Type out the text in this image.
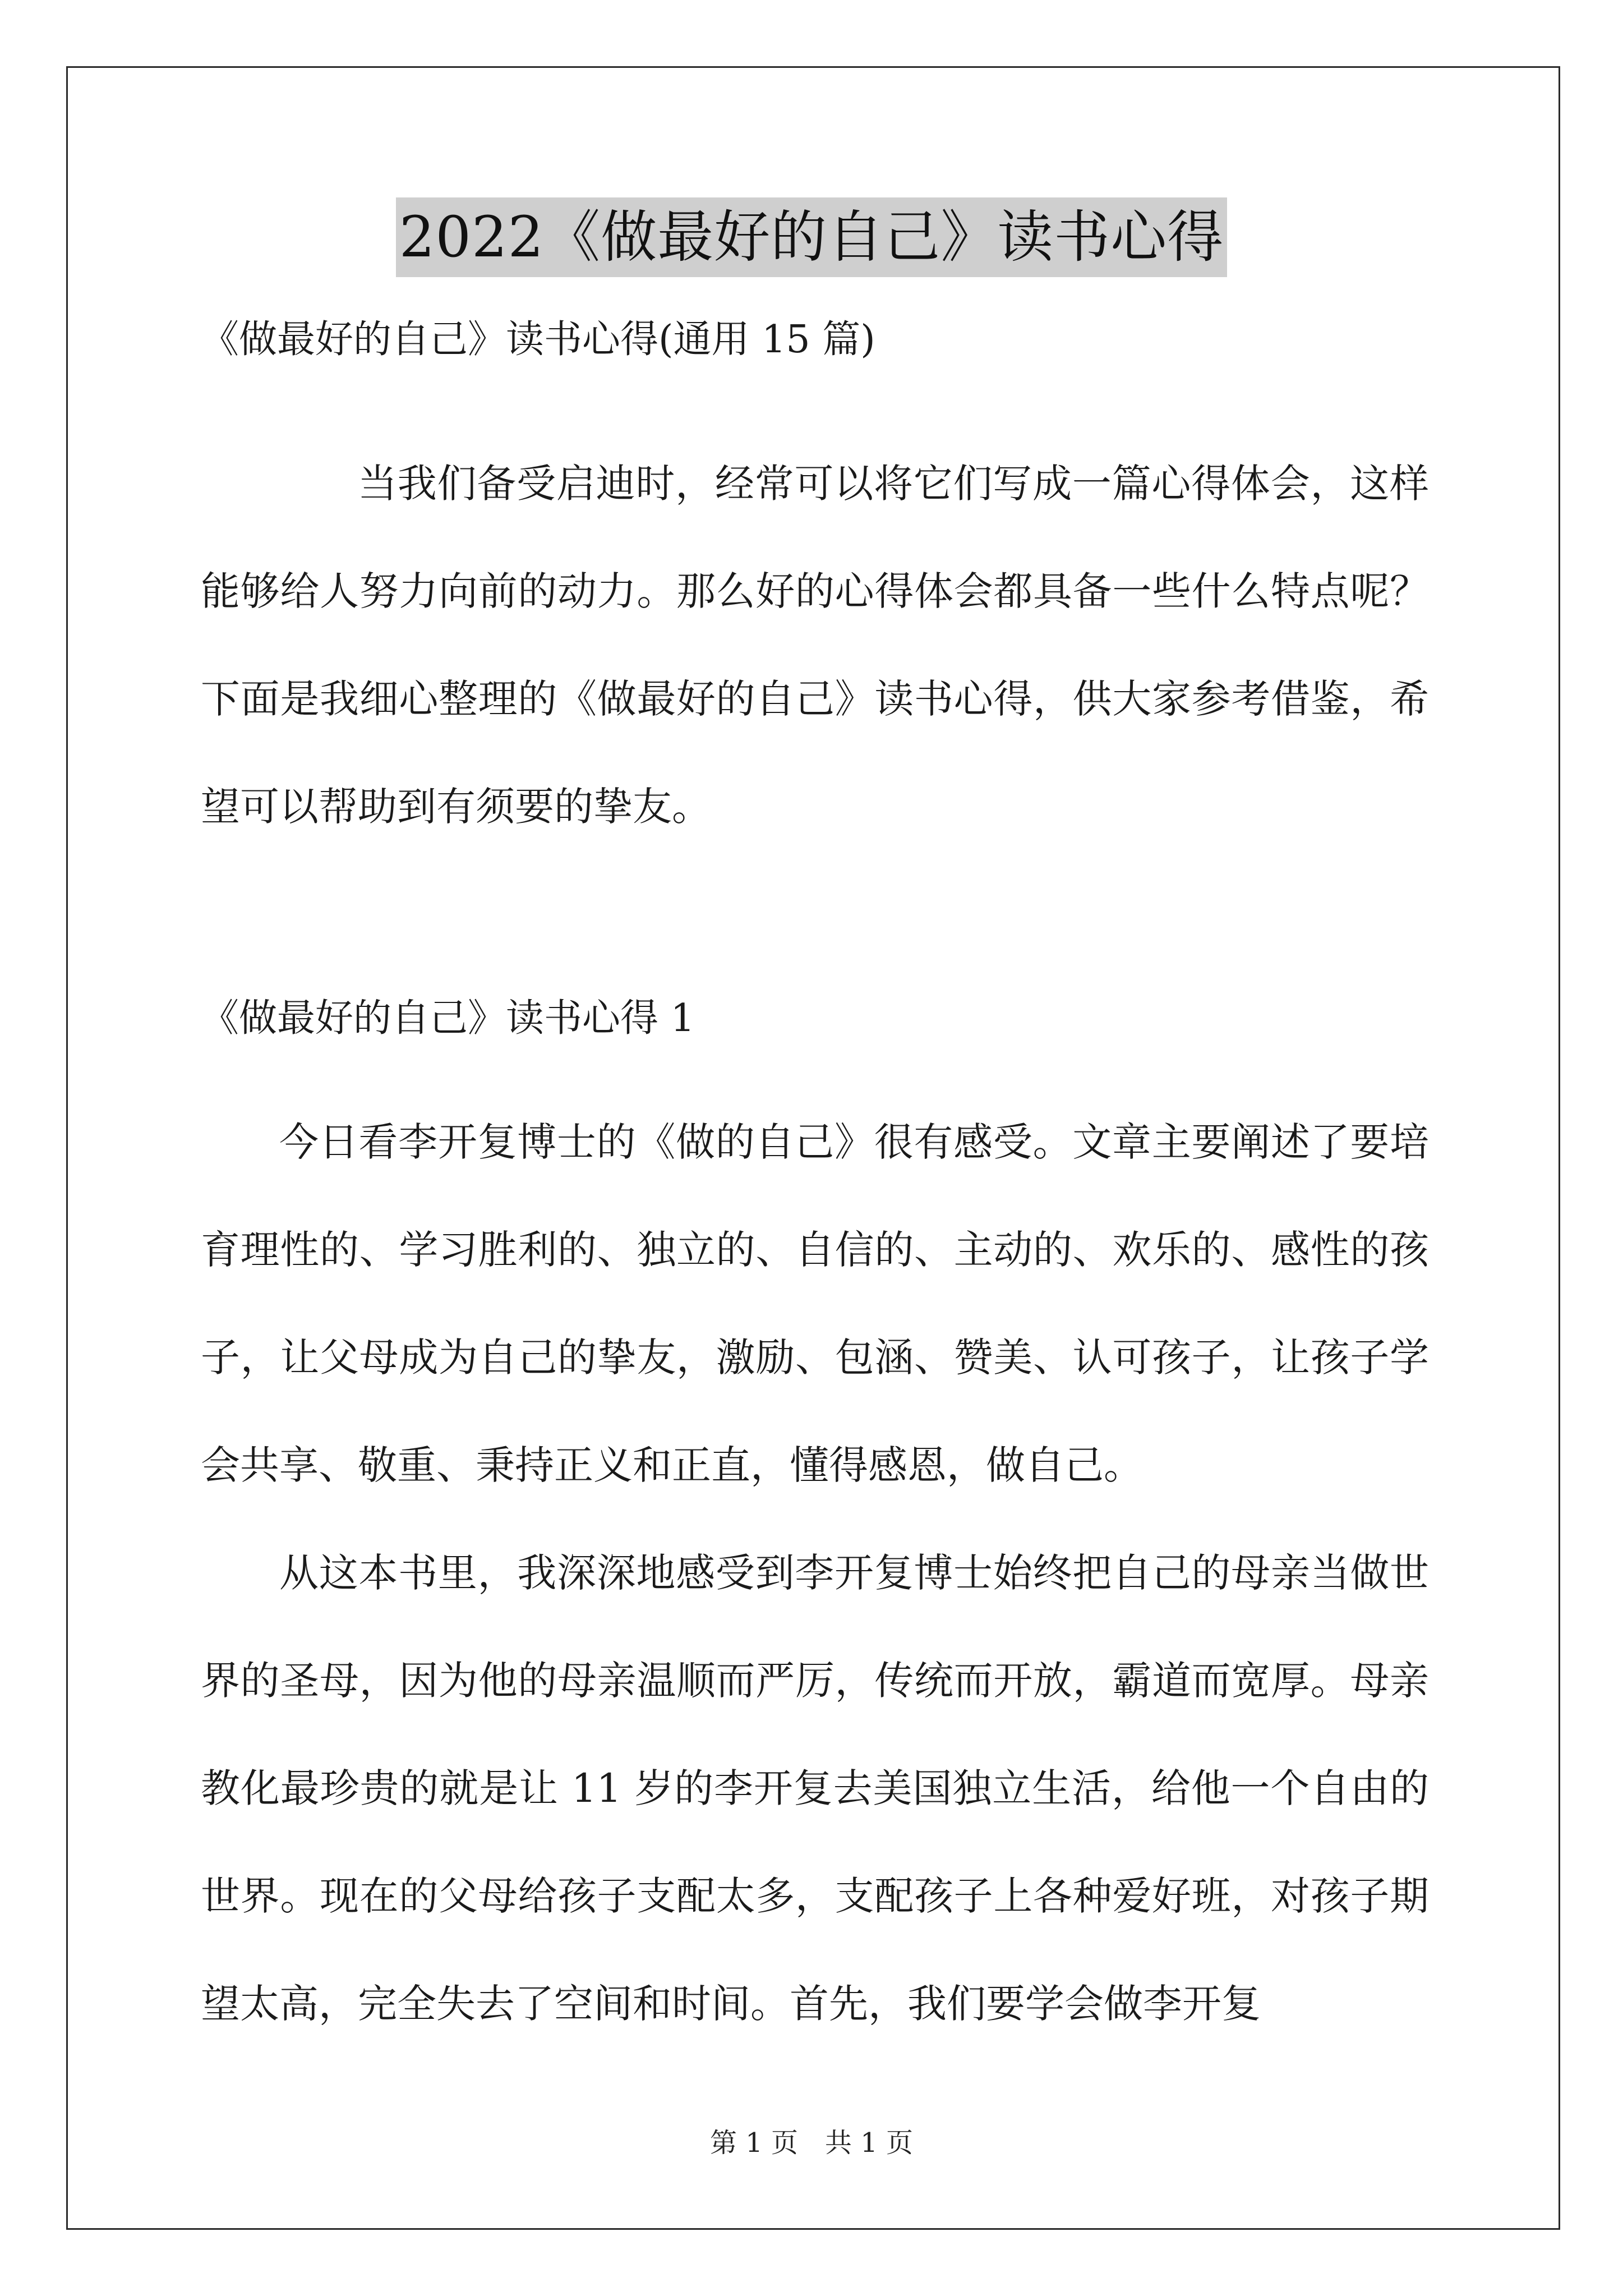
2022《做最好的自己》读书心得
《做最好的自己》读书心得(通用 15 篇)

当我们备受启迪时，经常可以将它们写成一篇心得体会，这样能够给人努力向前的动力。那么好的心得体会都具备一些什么特点呢？下面是我细心整理的《做最好的自己》读书心得，供大家参考借鉴，希望可以帮助到有须要的挚友。

《做最好的自己》读书心得 1

今日看李开复博士的《做的自己》很有感受。文章主要阐述了要培育理性的、学习胜利的、独立的、自信的、主动的、欢乐的、感性的孩子，让父母成为自己的挚友，激励、包涵、赞美、认可孩子，让孩子学会共享、敬重、秉持正义和正直，懂得感恩，做自己。

从这本书里，我深深地感受到李开复博士始终把自己的母亲当做世界的圣母，因为他的母亲温顺而严厉，传统而开放，霸道而宽厚。母亲教化最珍贵的就是让 11 岁的李开复去美国独立生活，给他一个自由的世界。现在的父母给孩子支配太多，支配孩子上各种爱好班，对孩子期望太高，完全失去了空间和时间。首先，我们要学会做李开复

第 1 页 共 1 页
